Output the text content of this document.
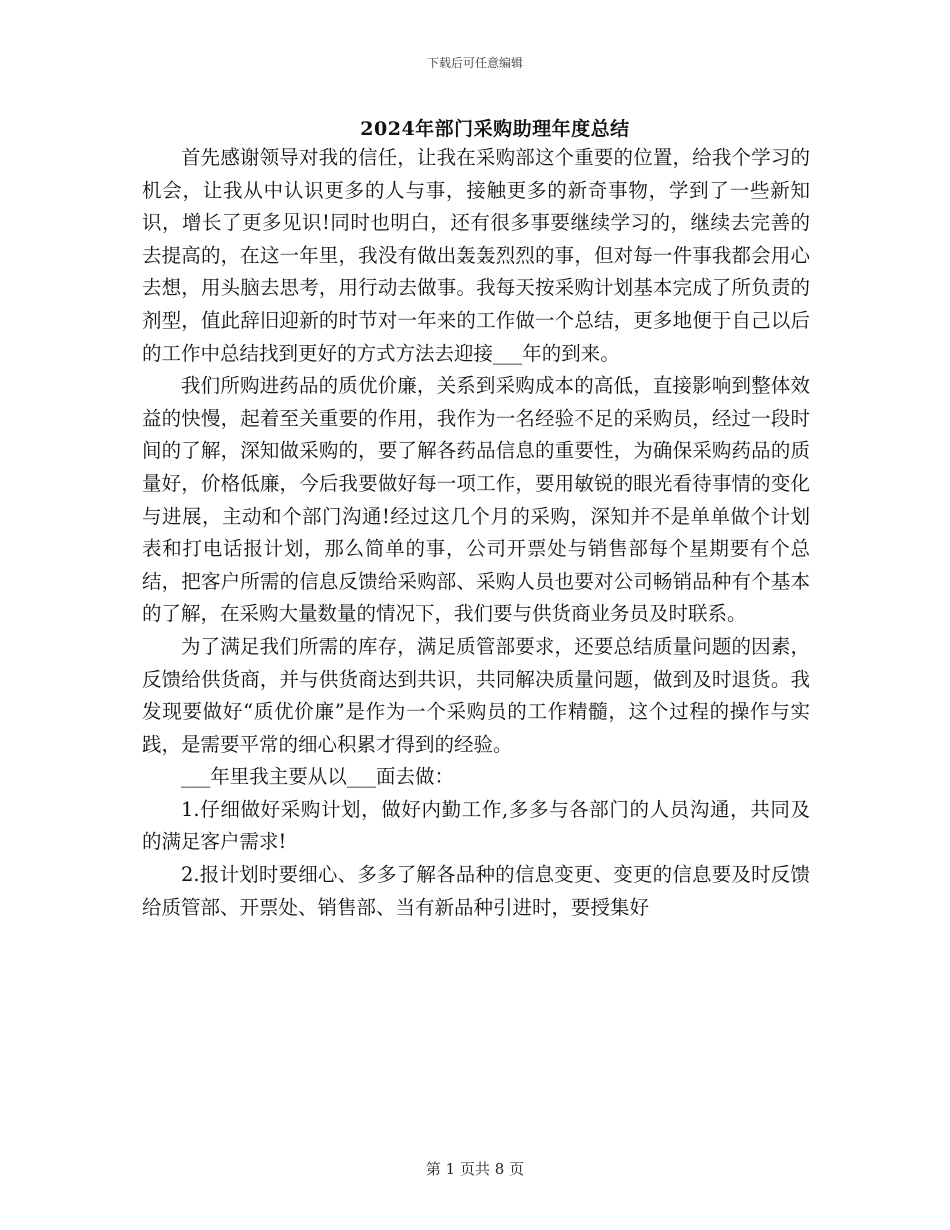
下载后可任意编辑
2024年部门采购助理年度总结

首先感谢领导对我的信任，让我在采购部这个重要的位置，给我个学习的机会，让我从中认识更多的人与事，接触更多的新奇事物，学到了一些新知识，增长了更多见识!同时也明白，还有很多事要继续学习的，继续去完善的去提高的，在这一年里，我没有做出轰轰烈烈的事，但对每一件事我都会用心去想，用头脑去思考，用行动去做事。我每天按采购计划基本完成了所负责的剂型，值此辞旧迎新的时节对一年来的工作做一个总结，更多地便于自己以后的工作中总结找到更好的方式方法去迎接___年的到来。

我们所购进药品的质优价廉，关系到采购成本的高低，直接影响到整体效益的快慢，起着至关重要的作用，我作为一名经验不足的采购员，经过一段时间的了解，深知做采购的，要了解各药品信息的重要性，为确保采购药品的质量好，价格低廉，今后我要做好每一项工作，要用敏锐的眼光看待事情的变化与进展，主动和个部门沟通!经过这几个月的采购，深知并不是单单做个计划表和打电话报计划，那么简单的事，公司开票处与销售部每个星期要有个总结，把客户所需的信息反馈给采购部、采购人员也要对公司畅销品种有个基本的了解，在采购大量数量的情况下，我们要与供货商业务员及时联系。

为了满足我们所需的库存，满足质管部要求，还要总结质量问题的因素，反馈给供货商，并与供货商达到共识，共同解决质量问题，做到及时退货。我发现要做好“质优价廉”是作为一个采购员的工作精髓，这个过程的操作与实践，是需要平常的细心积累才得到的经验。

___年里我主要从以___面去做：

1.仔细做好采购计划，做好内勤工作,多多与各部门的人员沟通，共同及的满足客户需求!

2.报计划时要细心、多多了解各品种的信息变更、变更的信息要及时反馈给质管部、开票处、销售部、当有新品种引进时，要授集好

第 1 页共 8 页
